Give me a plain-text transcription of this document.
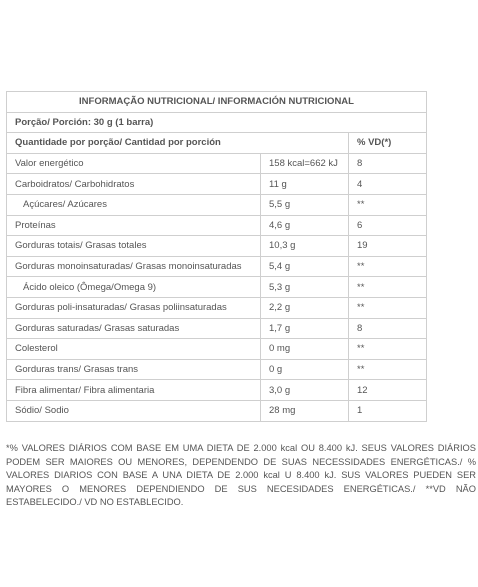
INFORMAÇÃO NUTRICIONAL/ INFORMACIÓN NUTRICIONAL		
Porção/ Porción: 30 g (1 barra)		
Quantidade por porção/ Cantidad por porción		% VD(*)
Valor energético	158 kcal=662 kJ	8
Carboidratos/ Carbohidratos	11 g	4
Açúcares/ Azúcares	5,5 g	**
Proteínas	4,6 g	6
Gorduras totais/ Grasas totales	10,3 g	19
Gorduras monoinsaturadas/ Grasas monoinsaturadas	5,4 g	**
Ácido oleico (Ômega/Omega 9)	5,3 g	**
Gorduras poli-insaturadas/ Grasas poliinsaturadas	2,2 g	**
Gorduras saturadas/ Grasas saturadas	1,7 g	8
Colesterol	0 mg	**
Gorduras trans/ Grasas trans	0 g	**
Fibra alimentar/ Fibra alimentaria	3,0 g	12
Sódio/ Sodio	28 mg	1
*% VALORES DIÁRIOS COM BASE EM UMA DIETA DE 2.000 kcal OU 8.400 kJ. SEUS VALORES DIÁRIOS PODEM SER MAIORES OU MENORES, DEPENDENDO DE SUAS NECESSIDADES ENERGÉTICAS./ % VALORES DIARIOS CON BASE A UNA DIETA DE 2.000 kcal U 8.400 kJ. SUS VALORES PUEDEN SER MAYORES O MENORES DEPENDIENDO DE SUS NECESIDADES ENERGÉTICAS./ **VD NÃO ESTABELECIDO./ VD NO ESTABLECIDO.
